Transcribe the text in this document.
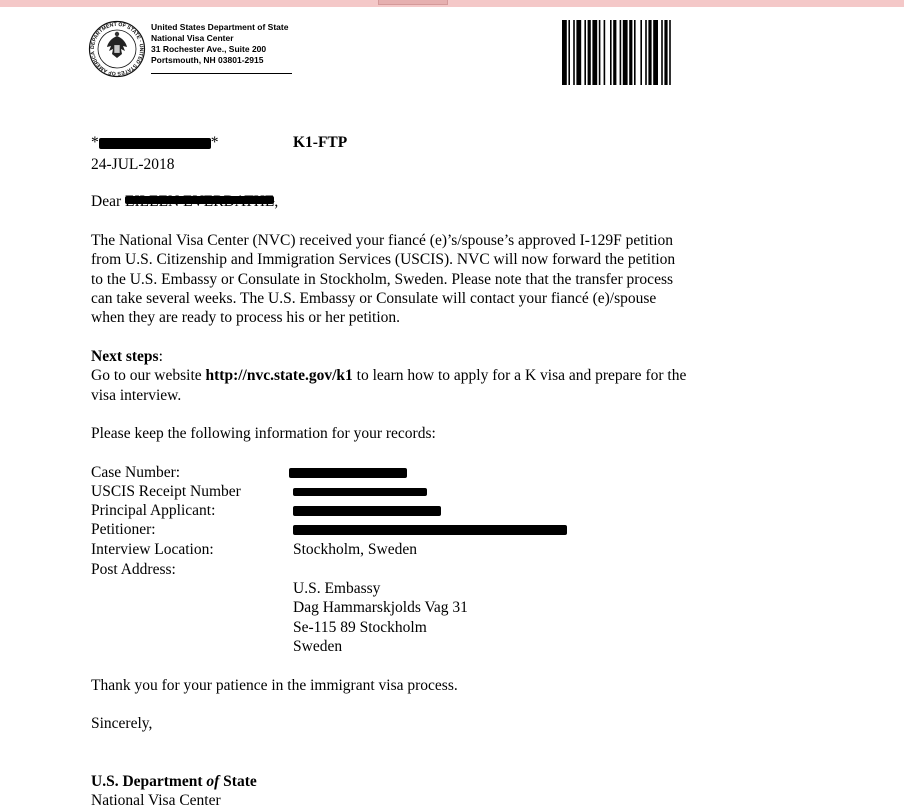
DEPARTMENT OF STATE · UNITED STATES OF AMERICA
United States Department of State
National Visa Center
31 Rochester Ave., Suite 200
Portsmouth, NH 03801-2915
*	*	K1-FTP
24-JUL-2018
Dear	,
The National Visa Center (NVC) received your fiancé (e)’s/spouse’s approved I-129F petition
from U.S. Citizenship and Immigration Services (USCIS). NVC will now forward the petition
to the U.S. Embassy or Consulate in Stockholm, Sweden. Please note that the transfer process
can take several weeks. The U.S. Embassy or Consulate will contact your fiancé (e)/spouse
when they are ready to process his or her petition.
Next steps:
Go to our website http://nvc.state.gov/k1 to learn how to apply for a K visa and prepare for the
visa interview.
Please keep the following information for your records:
Case Number:
USCIS Receipt Number
Principal Applicant:
Petitioner:
Interview Location:	Stockholm, Sweden
Post Address:
U.S. Embassy
Dag Hammarskjolds Vag 31
Se-115 89 Stockholm
Sweden
Thank you for your patience in the immigrant visa process.
Sincerely,
U.S. Department of State
National Visa Center
